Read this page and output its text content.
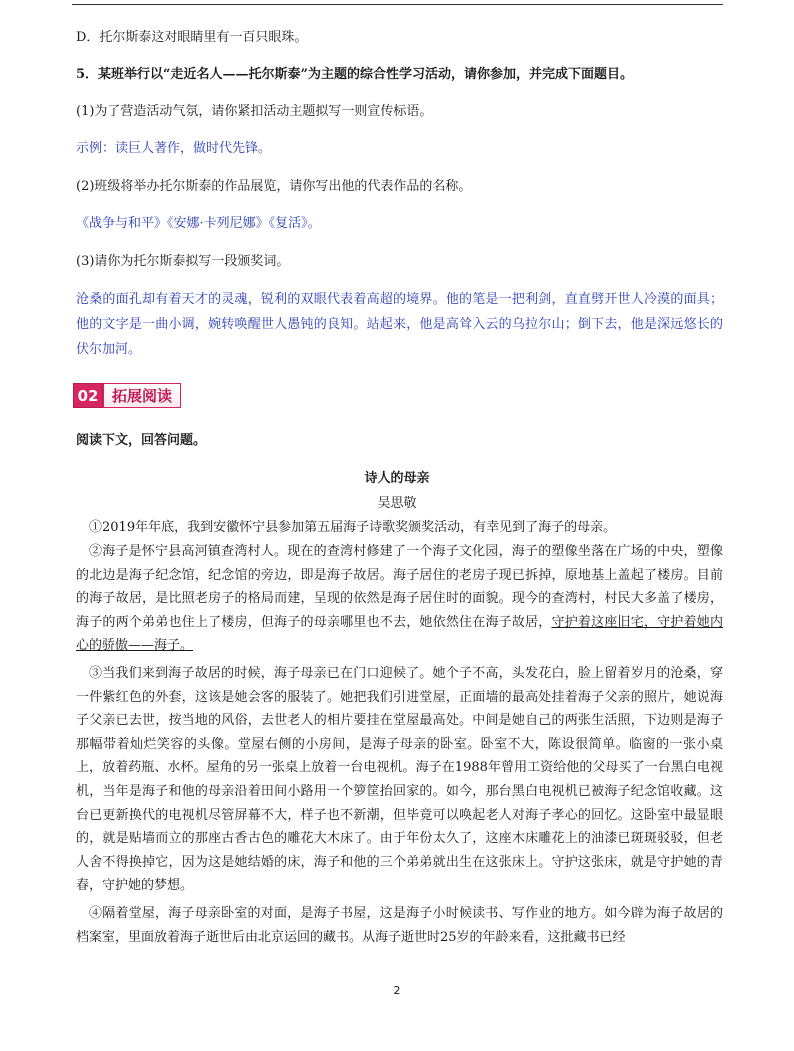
D．托尔斯泰这对眼睛里有一百只眼珠。
5．某班举行以“走近名人——托尔斯泰”为主题的综合性学习活动，请你参加，并完成下面题目。
(1)为了营造活动气氛，请你紧扣活动主题拟写一则宣传标语。
示例：读巨人著作，做时代先锋。
(2)班级将举办托尔斯泰的作品展览，请你写出他的代表作品的名称。
《战争与和平》《安娜·卡列尼娜》《复活》。
(3)请你为托尔斯泰拟写一段颁奖词。
沧桑的面孔却有着天才的灵魂，锐利的双眼代表着高超的境界。他的笔是一把利剑，直直劈开世人冷漠的面具；他的文字是一曲小调，婉转唤醒世人愚钝的良知。站起来，他是高耸入云的乌拉尔山；倒下去，他是深远悠长的伏尔加河。
02 拓展阅读
阅读下文，回答问题。
诗人的母亲
吴思敬
①2019年年底，我到安徽怀宁县参加第五届海子诗歌奖颁奖活动，有幸见到了海子的母亲。
②海子是怀宁县高河镇查湾村人。现在的查湾村修建了一个海子文化园，海子的塑像坐落在广场的中央，塑像的北边是海子纪念馆，纪念馆的旁边，即是海子故居。海子居住的老房子现已拆掉，原地基上盖起了楼房。目前的海子故居，是比照老房子的格局而建，呈现的依然是海子居住时的面貌。现今的查湾村，村民大多盖了楼房，海子的两个弟弟也住上了楼房，但海子的母亲哪里也不去，她依然住在海子故居，守护着这座旧宅，守护着她内心的骄傲——海子。
③当我们来到海子故居的时候，海子母亲已在门口迎候了。她个子不高，头发花白，脸上留着岁月的沧桑，穿一件紫红色的外套，这该是她会客的服装了。她把我们引进堂屋，正面墙的最高处挂着海子父亲的照片，她说海子父亲已去世，按当地的风俗，去世老人的相片要挂在堂屋最高处。中间是她自己的两张生活照，下边则是海子那幅带着灿烂笑容的头像。堂屋右侧的小房间，是海子母亲的卧室。卧室不大，陈设很简单。临窗的一张小桌上，放着药瓶、水杯。屋角的另一张桌上放着一台电视机。海子在1988年曾用工资给他的父母买了一台黑白电视机，当年是海子和他的母亲沿着田间小路用一个箩筐抬回家的。如今，那台黑白电视机已被海子纪念馆收藏。这台已更新换代的电视机尽管屏幕不大，样子也不新潮，但毕竟可以唤起老人对海子孝心的回忆。这卧室中最显眼的，就是贴墙而立的那座古香古色的雕花大木床了。由于年份太久了，这座木床雕花上的油漆已斑斑驳驳，但老人舍不得换掉它，因为这是她结婚的床，海子和他的三个弟弟就出生在这张床上。守护这张床，就是守护她的青春，守护她的梦想。
④隔着堂屋，海子母亲卧室的对面，是海子书屋，这是海子小时候读书、写作业的地方。如今辟为海子故居的档案室，里面放着海子逝世后由北京运回的藏书。从海子逝世时25岁的年龄来看，这批藏书已经
2
